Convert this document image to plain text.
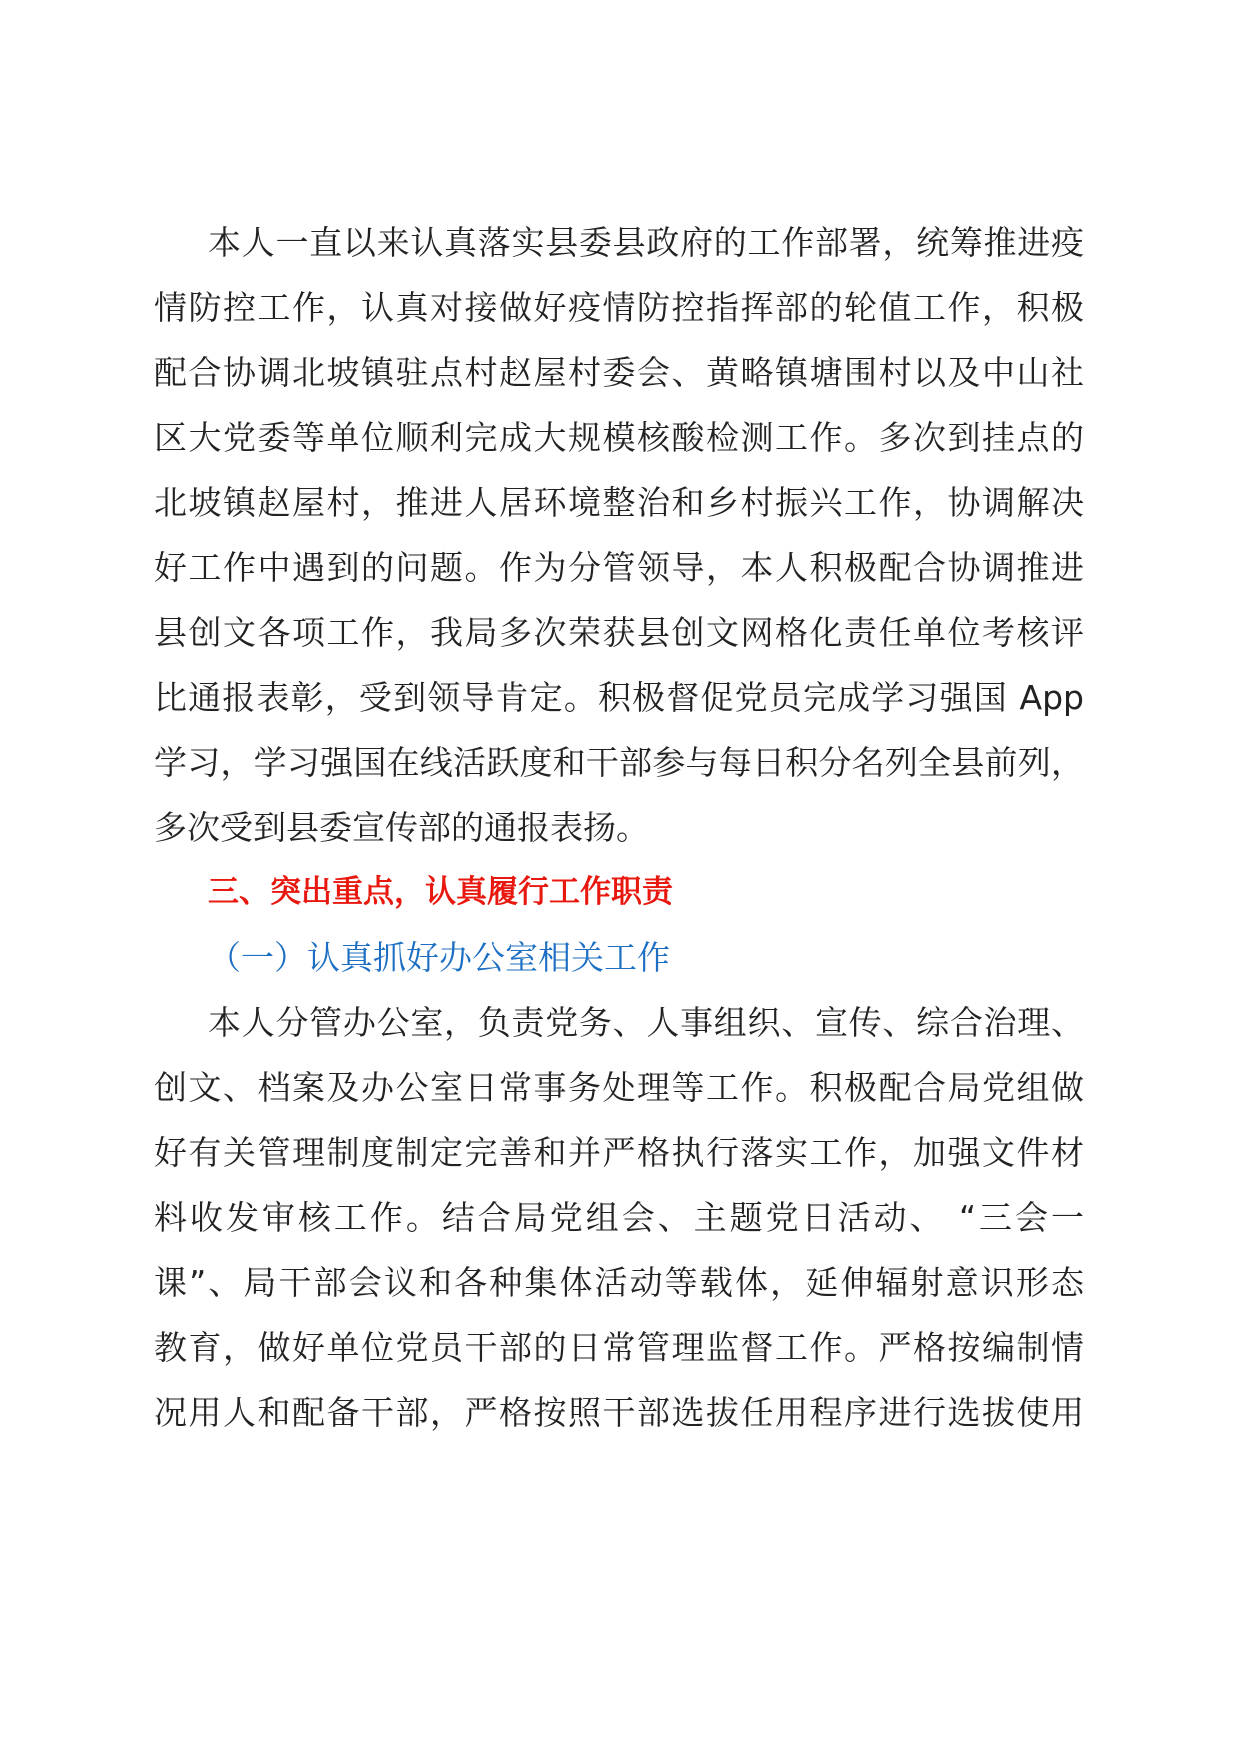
本人一直以来认真落实县委县政府的工作部署，统筹推进疫
情防控工作，认真对接做好疫情防控指挥部的轮值工作，积极
配合协调北坡镇驻点村赵屋村委会、黄略镇塘围村以及中山社
区大党委等单位顺利完成大规模核酸检测工作。多次到挂点的
北坡镇赵屋村，推进人居环境整治和乡村振兴工作，协调解决
好工作中遇到的问题。作为分管领导，本人积极配合协调推进
县创文各项工作，我局多次荣获县创文网格化责任单位考核评
比通报表彰，受到领导肯定。积极督促党员完成学习强国 App
学习，学习强国在线活跃度和干部参与每日积分名列全县前列，
多次受到县委宣传部的通报表扬。
三、突出重点，认真履行工作职责
（一）认真抓好办公室相关工作
本人分管办公室，负责党务、人事组织、宣传、综合治理、
创文、档案及办公室日常事务处理等工作。积极配合局党组做
好有关管理制度制定完善和并严格执行落实工作，加强文件材
料收发审核工作。结合局党组会、主题党日活动、 “三会一
课”、局干部会议和各种集体活动等载体，延伸辐射意识形态
教育，做好单位党员干部的日常管理监督工作。严格按编制情
况用人和配备干部，严格按照干部选拔任用程序进行选拔使用
